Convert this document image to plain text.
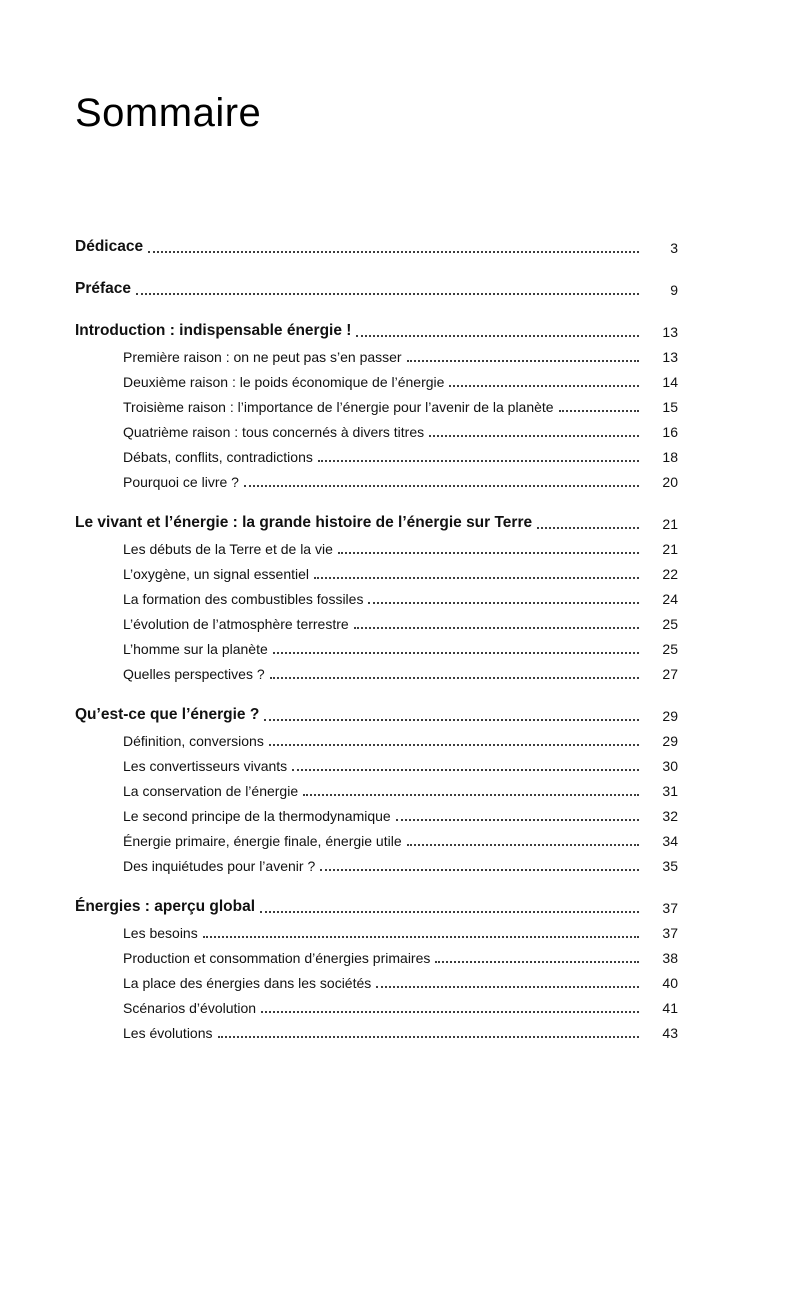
Sommaire
Dédicace	3
Préface	9
Introduction : indispensable énergie !	13
Première raison : on ne peut pas s’en passer	13
Deuxième raison : le poids économique de l’énergie	14
Troisième raison : l’importance de l’énergie pour l’avenir de la planète	15
Quatrième raison : tous concernés à divers titres	16
Débats, conflits, contradictions	18
Pourquoi ce livre ?	20
Le vivant et l’énergie : la grande histoire de l’énergie sur Terre	21
Les débuts de la Terre et de la vie	21
L’oxygène, un signal essentiel	22
La formation des combustibles fossiles	24
L’évolution de l’atmosphère terrestre	25
L’homme sur la planète	25
Quelles perspectives ?	27
Qu’est-ce que l’énergie ?	29
Définition, conversions	29
Les convertisseurs vivants	30
La conservation de l’énergie	31
Le second principe de la thermodynamique	32
Énergie primaire, énergie finale, énergie utile	34
Des inquiétudes pour l’avenir ?	35
Énergies : aperçu global	37
Les besoins	37
Production et consommation d’énergies primaires	38
La place des énergies dans les sociétés	40
Scénarios d’évolution	41
Les évolutions	43
